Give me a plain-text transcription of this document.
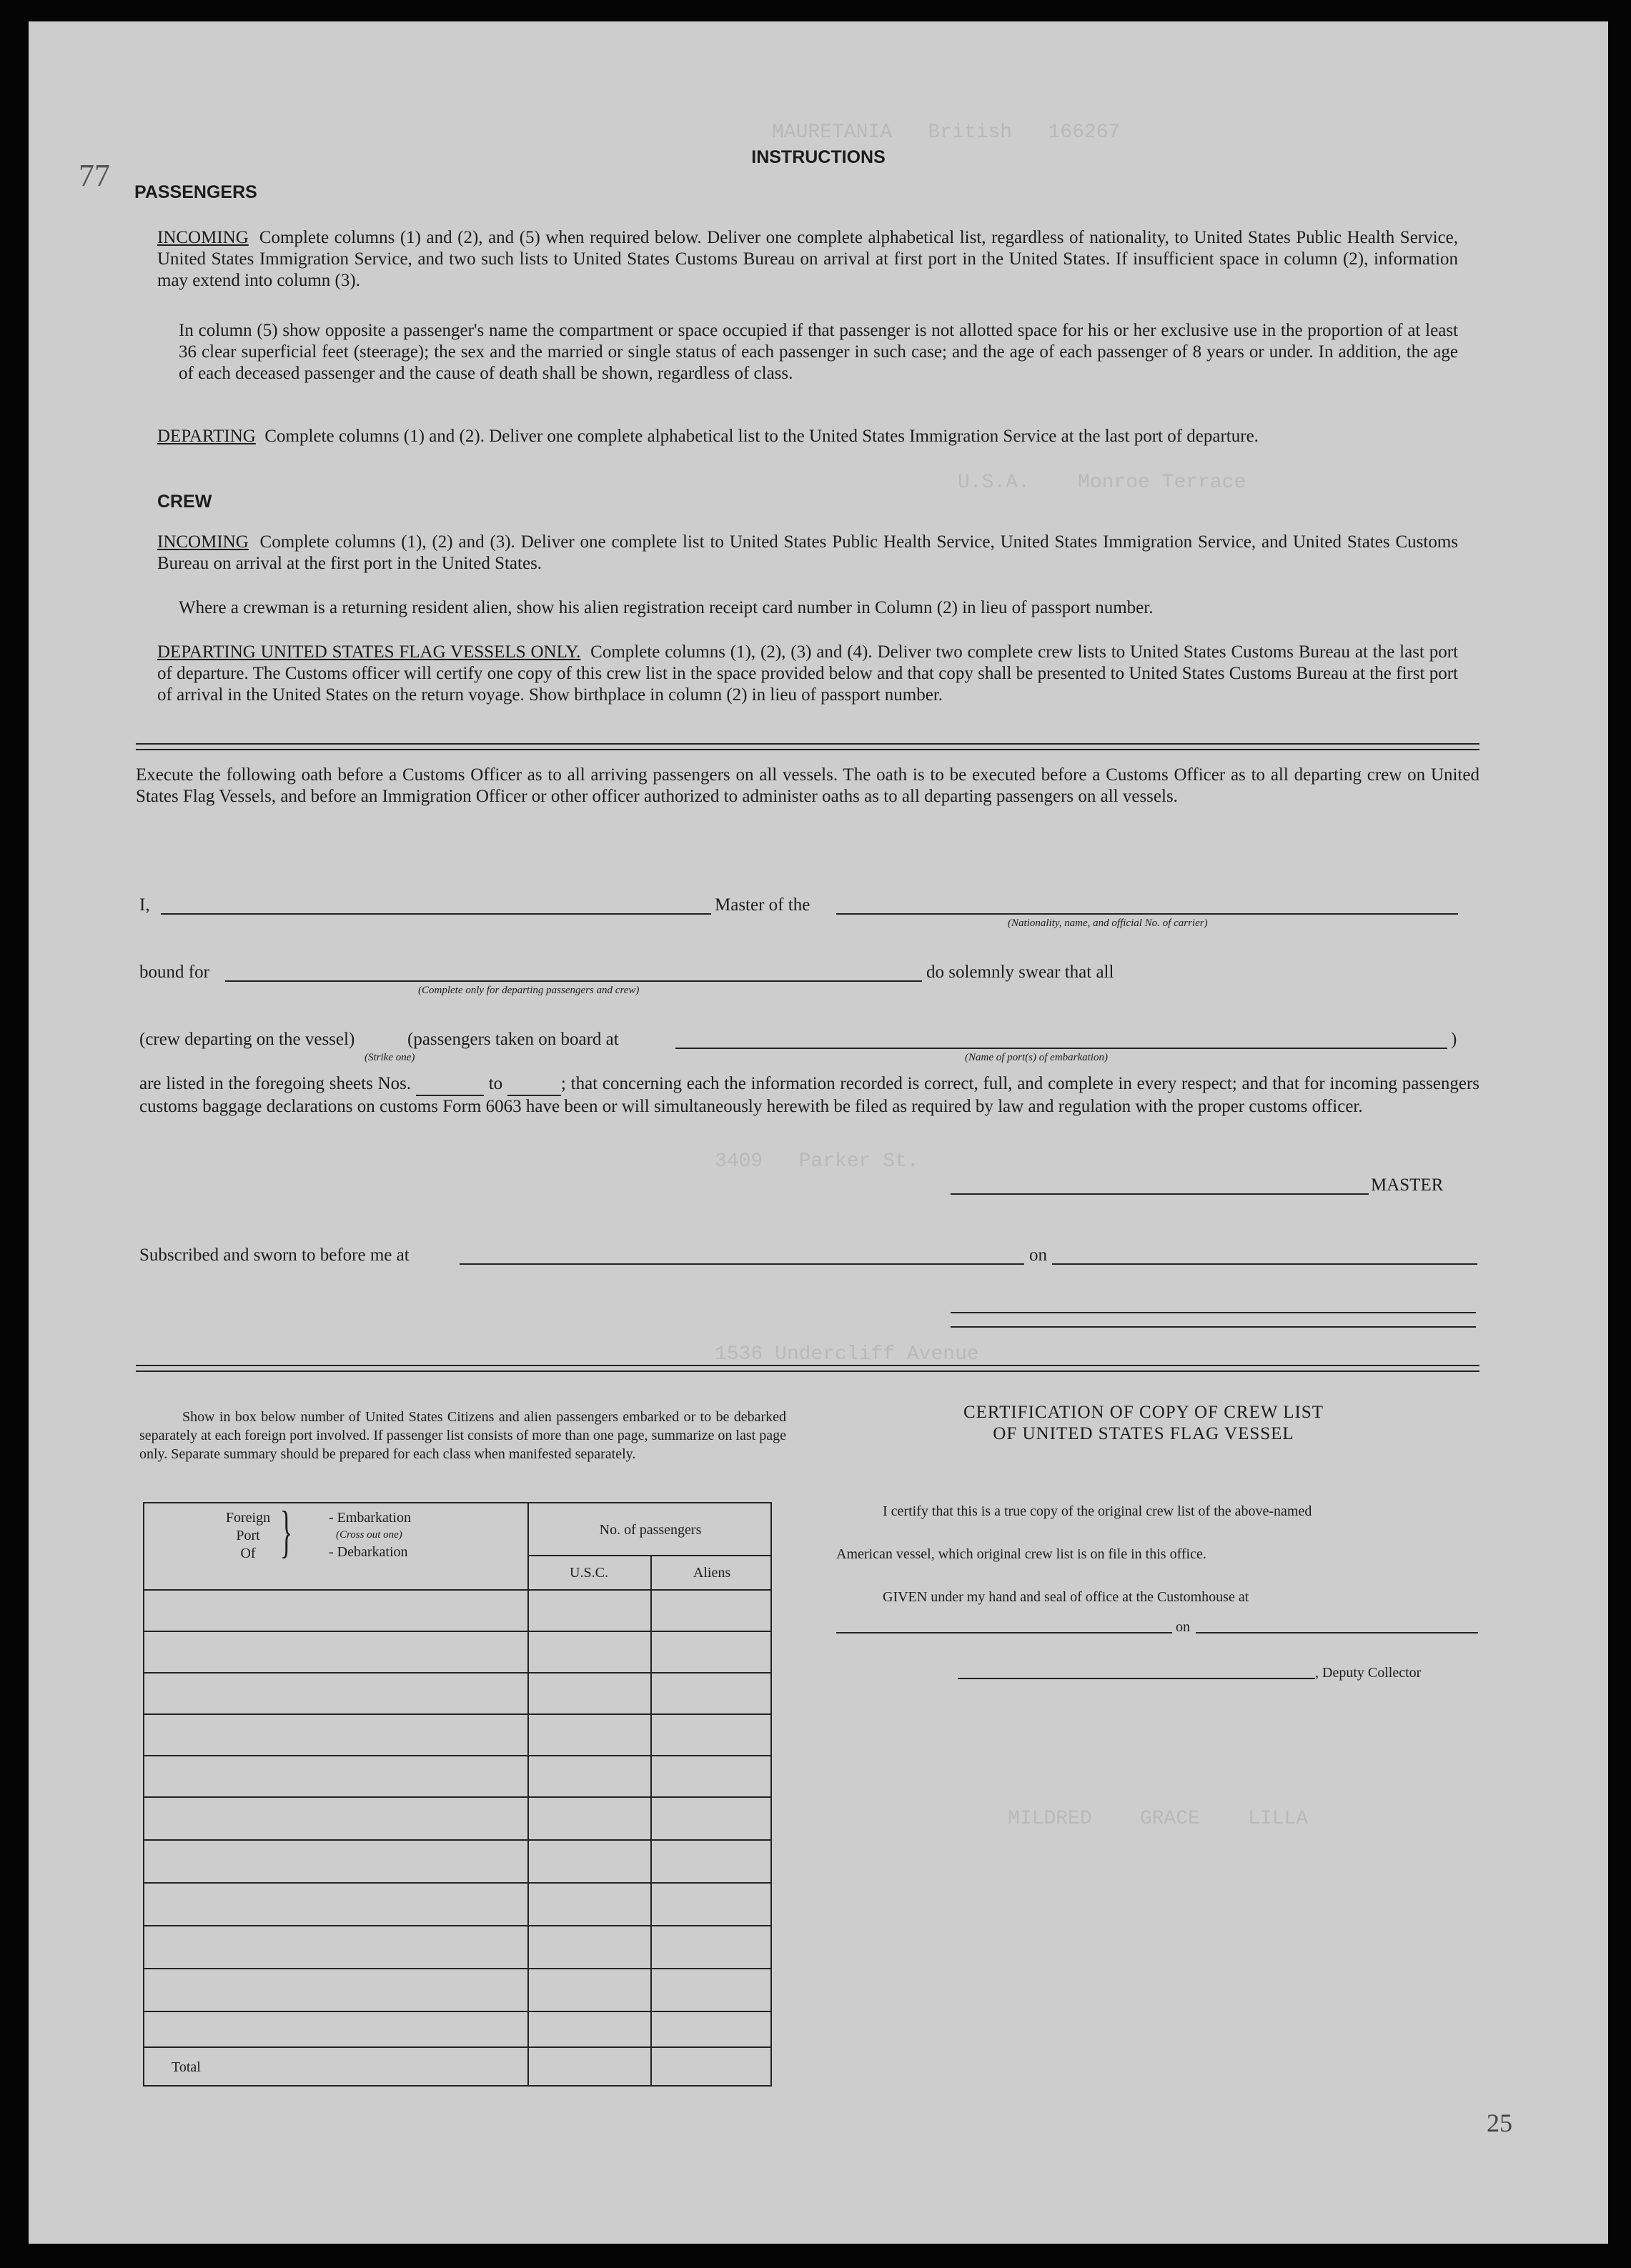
MAURETANIA   British   166267
U.S.A.    Monroe Terrace
3409   Parker St.
1536 Undercliff Avenue
MILDRED    GRACE    LILLA
77
25
INSTRUCTIONS
PASSENGERS
INCOMING Complete columns (1) and (2), and (5) when required below. Deliver one complete alphabetical list, regardless of nationality, to United States Public Health Service, United States Immigration Service, and two such lists to United States Customs Bureau on arrival at first port in the United States. If insufficient space in column (2), information may extend into column (3).
In column (5) show opposite a passenger's name the compartment or space occupied if that passenger is not allotted space for his or her exclusive use in the proportion of at least 36 clear superficial feet (steerage); the sex and the married or single status of each passenger in such case; and the age of each passenger of 8 years or under. In addition, the age of each deceased passenger and the cause of death shall be shown, regardless of class.
DEPARTING Complete columns (1) and (2). Deliver one complete alphabetical list to the United States Immigration Service at the last port of departure.
CREW
INCOMING Complete columns (1), (2) and (3). Deliver one complete list to United States Public Health Service, United States Immigration Service, and United States Customs Bureau on arrival at the first port in the United States.
Where a crewman is a returning resident alien, show his alien registration receipt card number in Column (2) in lieu of passport number.
DEPARTING UNITED STATES FLAG VESSELS ONLY. Complete columns (1), (2), (3) and (4). Deliver two complete crew lists to United States Customs Bureau at the last port of departure. The Customs officer will certify one copy of this crew list in the space provided below and that copy shall be presented to United States Customs Bureau at the first port of arrival in the United States on the return voyage. Show birthplace in column (2) in lieu of passport number.
Execute the following oath before a Customs Officer as to all arriving passengers on all vessels. The oath is to be executed before a Customs Officer as to all departing crew on United States Flag Vessels, and before an Immigration Officer or other officer authorized to administer oaths as to all departing passengers on all vessels.
I,	Master of the
(Nationality, name, and official No. of carrier)
bound for
(Complete only for departing passengers and crew)
do solemnly swear that all
(crew departing on the vessel)	(passengers taken on board at
(Strike one)
)
(Name of port(s) of embarkation)
are listed in the foregoing sheets Nos.	to	; that concerning each the information recorded is correct, full, and complete in every respect; and that for incoming passengers customs baggage declarations on customs Form 6063 have been or will simultaneously herewith be filed as required by law and regulation with the proper customs officer.
MASTER
Subscribed and sworn to before me at	on
Show in box below number of United States Citizens and alien passengers embarked or to be debarked separately at each foreign port involved. If passenger list consists of more than one page, summarize on last page only. Separate summary should be prepared for each class when manifested separately.
Foreign
Port
Of }	- Embarkation
(Cross out one)
- Debarkation
No. of passengers
U.S.C.	Aliens
Total
CERTIFICATION OF COPY OF CREW LIST
OF UNITED STATES FLAG VESSEL
I certify that this is a true copy of the original crew list of the above-named
American vessel, which original crew list is on file in this office.
GIVEN under my hand and seal of office at the Customhouse at
on
, Deputy Collector
